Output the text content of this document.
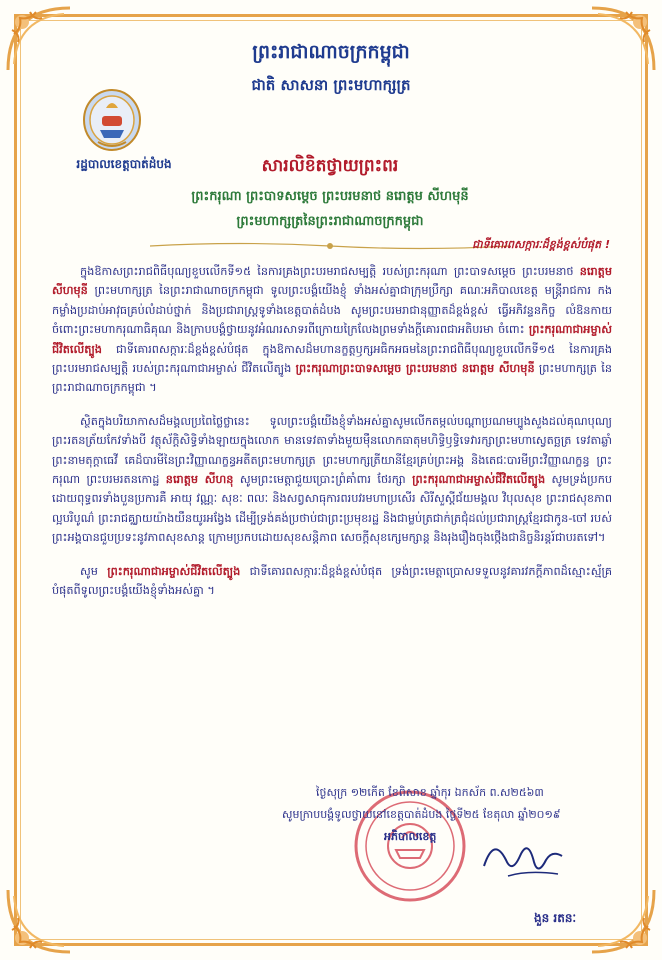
ព្រះរាជាណាចក្រកម្ពុជា
ជាតិ សាសនា ព្រះមហាក្សត្រ
រដ្ឋបាលខេត្តបាត់ដំបង	សារលិខិតថ្វាយព្រះពរ
ព្រះករុណា ព្រះបាទសម្តេច ព្រះបរមនាថ នរោត្តម សីហមុនី
ព្រះមហាក្សត្រនៃព្រះរាជាណាចក្រកម្ពុជា
ជាទីគោរពសក្ការៈដ៏ខ្ពង់ខ្ពស់បំផុត !

ក្នុងឱកាសព្រះរាជពិធីបុណ្យខួបលើកទី១៥ នៃការគ្រងព្រះបរមរាជសម្បត្តិ របស់ព្រះករុណា ព្រះបាទសម្តេច ព្រះបរមនាថ នរោត្តម សីហមុនី ព្រះមហាក្សត្រ នៃព្រះរាជាណាចក្រកម្ពុជា ទូលព្រះបង្គំយើងខ្ញុំ ទាំងអស់គ្នាជាក្រុមប្រឹក្សា គណៈអភិបាលខេត្ត មន្ត្រីរាជការ កងកម្លាំងប្រដាប់អាវុធគ្រប់លំដាប់ថ្នាក់ និងប្រជារាស្ត្រទូទាំងខេត្តបាត់ដំបង សូមព្រះបរមរាជានុញ្ញាតដ៏ខ្ពង់ខ្ពស់ ធ្វើអភិវន្ទនកិច្ច លំឱនកាយ ចំពោះព្រះមហាករុណាធិគុណ និងក្រាបបង្គំថ្វាយនូវអំណរសាទរពីក្រោយក្រៃលែងព្រមទាំងក្តីគោរពជាអតិបរមា ចំពោះ ព្រះករុណាជាអម្ចាស់ ជីវិតលើត្បូង ជាទីគោរពសក្ការៈដ៏ខ្ពង់ខ្ពស់បំផុត ក្នុងឱកាសដ៏មហានក្ខត្តឫក្សអធិកអធមនៃព្រះរាជពិធីបុណ្យខួបលើកទី១៥ នៃការគ្រងព្រះបរមរាជសម្បត្តិ របស់ព្រះករុណាជាអម្ចាស់ ជីវិតលើត្បូង ព្រះករុណាព្រះបាទសម្តេច ព្រះបរមនាថ នរោត្តម សីហមុនី ព្រះមហាក្សត្រ នៃព្រះរាជាណាចក្រកម្ពុជា ។

ស្ថិតក្នុងបរិយាកាសដ៏មង្គលប្រពៃថ្លៃថ្លានេះ ទូលព្រះបង្គំយើងខ្ញុំទាំងអស់គ្នាសូមលើកតម្កល់បណ្តាប្រណមប្បូងសួងដល់គុណបុណ្យព្រះរតនត្រ័យកែវទាំងបី វត្ថុស័ក្តិសិទ្ធិទាំងឡាយក្នុងលោក មានទេវតាទាំងមួយម៉ឺនលោកធាតុមហិទ្ធិឫទ្ធិទេវារក្សាព្រះមហាស្វេតច្ឆត្រ ទេវតាឆ្លាំព្រះនាមតុក្តាធេវី គេដ៏បារមីនៃព្រះវិញ្ញាណក្ខន្ធអតីតព្រះមហាក្សត្រ ព្រះមហាក្សត្រីយានីខ្មែរគ្រប់ព្រះអង្គ និងតេជៈបារមីព្រះវិញ្ញាណក្ខន្ធ ព្រះករុណា ព្រះបរមរតនកោដ្ឋ នរោត្តម សីហនុ សូមព្រះមេត្តាជួយប្រោះព្រំគាំពារ ថែរក្សា ព្រះករុណាជាអម្ចាស់ជីវិតលើត្បូង សូមទ្រង់ប្រកបដោយពុទ្ធពរទាំងបួនប្រការគឺ អាយុ វណ្ណៈ សុខៈ ពលៈ និងសព្វសាធុការពរបវរមហាប្រសើរ សិរីសួស្តីជ័យមង្គល វិបុលសុខ ព្រះរាជសុខភាពល្អបរិបូណ៌ ព្រះរាជគ្ឈាយយ៉ាងយឹនយូរអង្វែង ដើម្បីទ្រង់គង់ប្រថាប់ជាព្រះប្រមុខរដ្ឋ និងជាម្លប់ត្រជាក់ត្រជុំដល់ប្រជារាស្ត្រខ្មែរជាកូន-ចៅ របស់ព្រះអង្គបានជួបប្រទះនូវភាពសុខសាន្ត ក្រោមប្រកបដោយសុខសន្តិភាព សេចក្តីសុខក្សេមក្សាន្ត និងរុងរឿងចុងថ្កើងជានិច្ចនិរន្តរ៍ជាបរតទៅ។

សូម ព្រះករុណាជាអម្ចាស់ជីវិតលើត្បូង ជាទីគោរពសក្ការៈដ៏ខ្ពង់ខ្ពស់បំផុត ទ្រង់ព្រះមេត្តាប្រោសទទួលនូវគារវភក្តីភាពដ៏ស្មោះស្ម័គ្របំផុតពីទូលព្រះបង្គំយើងខ្ញុំទាំងអស់គ្នា ។

ថ្ងៃសុក្រ ១២កើត ខែពិសាខ ឆ្នាំកុរ ឯកស័ក ព.ស២៥៦៣
សូមក្រាបបង្គំទូលថ្វាយនៅខេត្តបាត់ដំបង ថ្ងៃទី២៥ ខែតុលា ឆ្នាំ២០១៩
អភិបាលខេត្ត
ងួន រតនៈ
